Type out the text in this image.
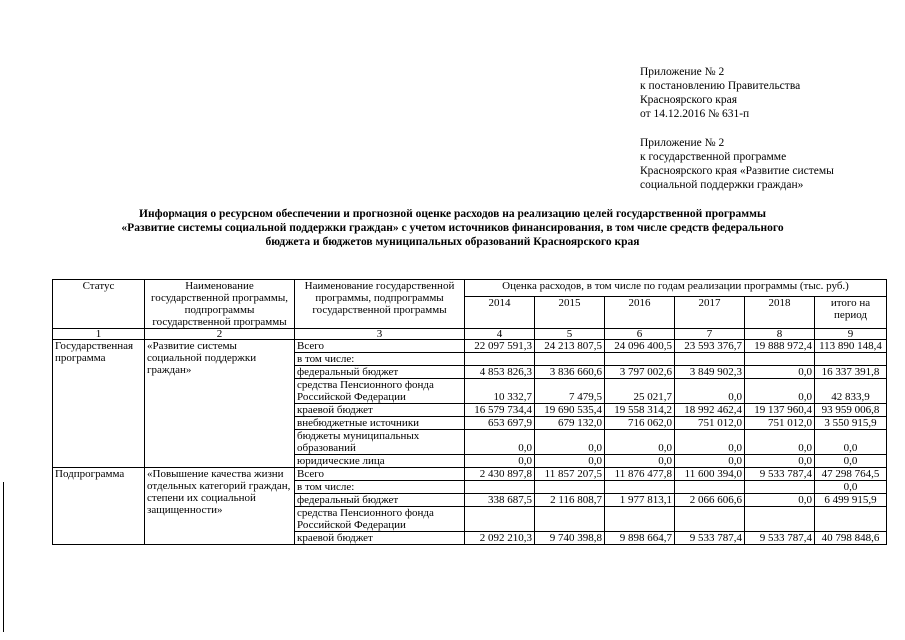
Приложение № 2
к постановлению Правительства
Красноярского края
от 14.12.2016 № 631-п
Приложение № 2
к государственной программе
Красноярского края «Развитие системы
социальной поддержки граждан»
Информация о ресурсном обеспечении и прогнозной оценке расходов на реализацию целей государственной программы
«Развитие системы социальной поддержки граждан» с учетом источников финансирования, в том числе средств федерального
бюджета и бюджетов муниципальных образований Красноярского края
Статус	Наименование государственной программы, подпрограммы государственной программы	Наименование государственной программы, подпрограммы государственной программы	Оценка расходов, в том числе по годам реализации программы (тыс. руб.)					
			2014	2015	2016	2017	2018	итого на период
1	2	3	4	5	6	7	8	9
Государственная программа	«Развитие системы социальной поддержки граждан»	Всего	22 097 591,3	24 213 807,5	24 096 400,5	23 593 376,7	19 888 972,4	113 890 148,4
		в том числе:						
		федеральный бюджет	4 853 826,3	3 836 660,6	3 797 002,6	3 849 902,3	0,0	16 337 391,8
		средства Пенсионного фонда Российской Федерации	10 332,7	7 479,5	25 021,7	0,0	0,0	42 833,9
		краевой бюджет	16 579 734,4	19 690 535,4	19 558 314,2	18 992 462,4	19 137 960,4	93 959 006,8
		внебюджетные источники	653 697,9	679 132,0	716 062,0	751 012,0	751 012,0	3 550 915,9
		бюджеты муниципальных образований	0,0	0,0	0,0	0,0	0,0	0,0
		юридические лица	0,0	0,0	0,0	0,0	0,0	0,0
Подпрограмма	«Повышение качества жизни отдельных категорий граждан, степени их социальной защищенности»	Всего	2 430 897,8	11 857 207,5	11 876 477,8	11 600 394,0	9 533 787,4	47 298 764,5
		в том числе:						0,0
		федеральный бюджет	338 687,5	2 116 808,7	1 977 813,1	2 066 606,6	0,0	6 499 915,9
		средства Пенсионного фонда Российской Федерации						
		краевой бюджет	2 092 210,3	9 740 398,8	9 898 664,7	9 533 787,4	9 533 787,4	40 798 848,6
